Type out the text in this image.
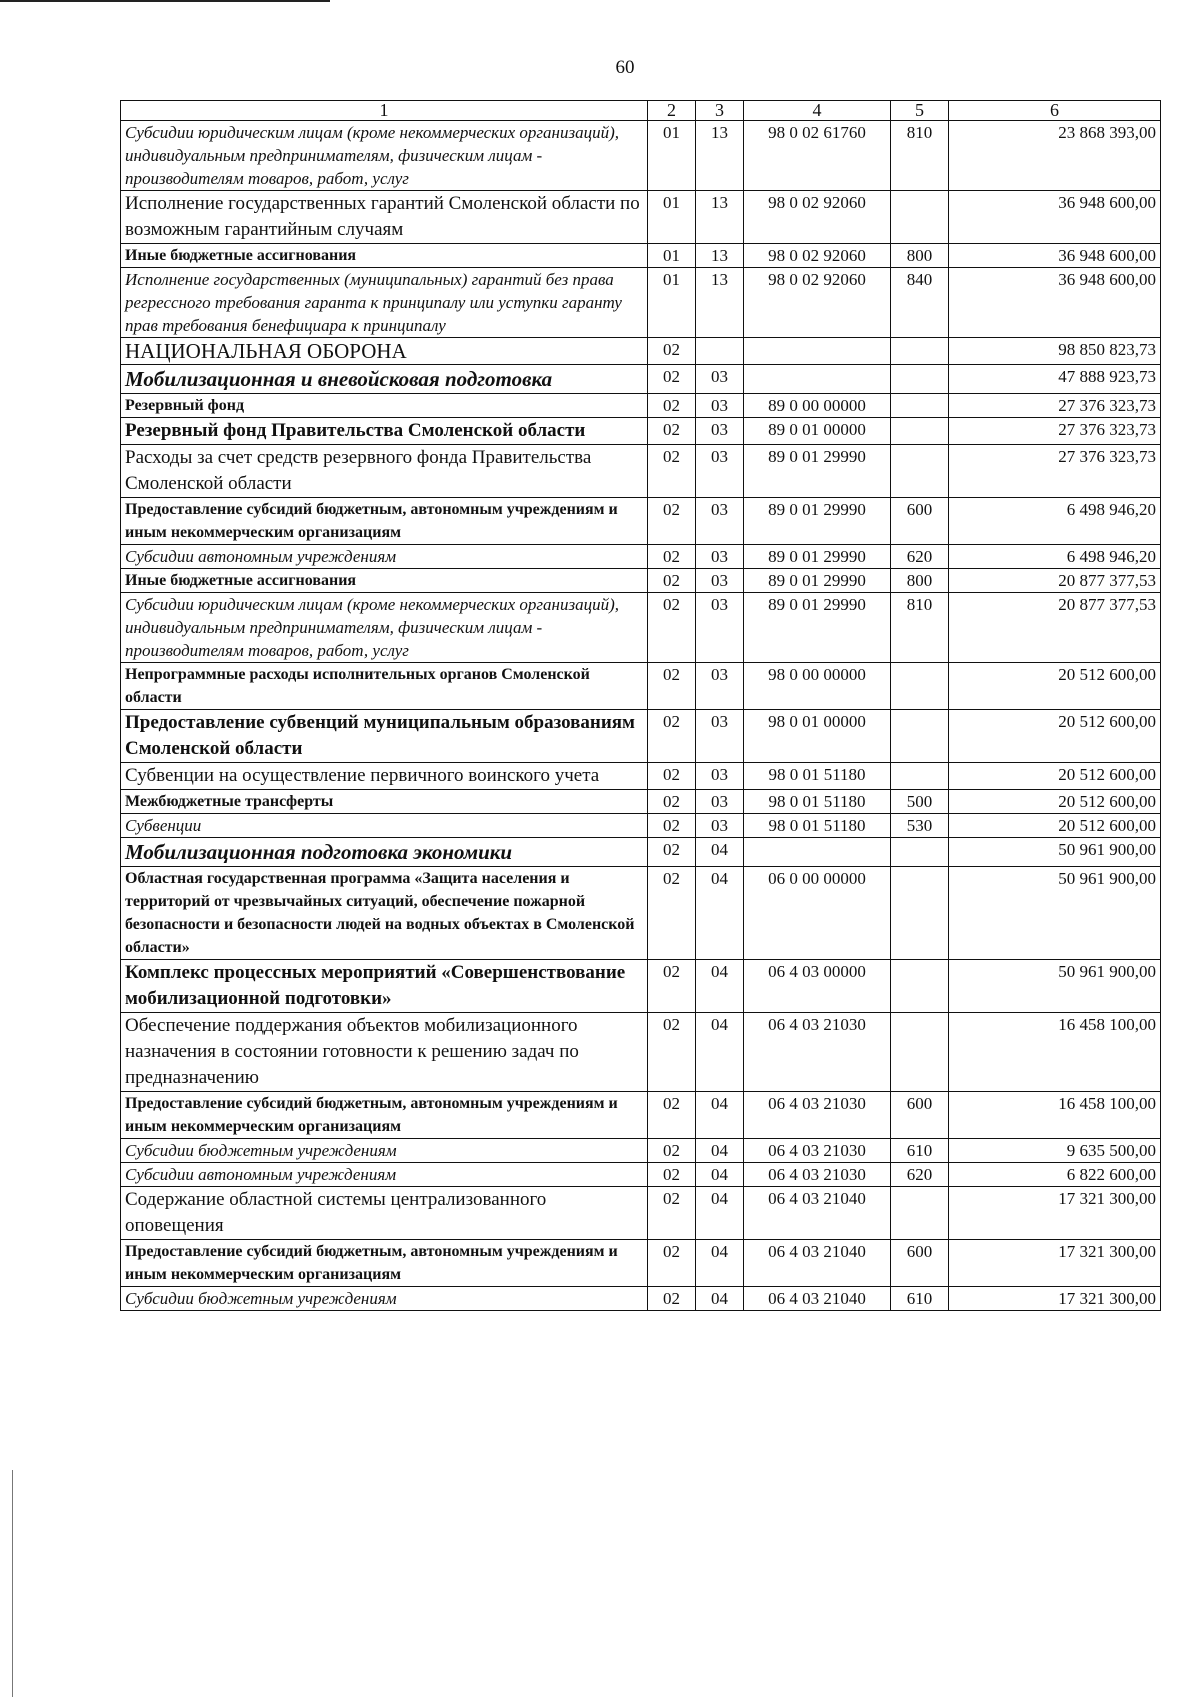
60
1	2	3	4	5	6
Субсидии юридическим лицам (кроме некоммерческих организаций), индивидуальным предпринимателям, физическим лицам - производителям товаров, работ, услуг	01	13	98 0 02 61760	810	23 868 393,00
Исполнение государственных гарантий Смоленской области по возможным гарантийным случаям	01	13	98 0 02 92060		36 948 600,00
Иные бюджетные ассигнования	01	13	98 0 02 92060	800	36 948 600,00
Исполнение государственных (муниципальных) гарантий без права регрессного требования гаранта к принципалу или уступки гаранту прав требования бенефициара к принципалу	01	13	98 0 02 92060	840	36 948 600,00
НАЦИОНАЛЬНАЯ ОБОРОНА	02				98 850 823,73
Мобилизационная и вневойсковая подготовка	02	03			47 888 923,73
Резервный фонд	02	03	89 0 00 00000		27 376 323,73
Резервный фонд Правительства Смоленской области	02	03	89 0 01 00000		27 376 323,73
Расходы за счет средств резервного фонда Правительства Смоленской области	02	03	89 0 01 29990		27 376 323,73
Предоставление субсидий бюджетным, автономным учреждениям и иным некоммерческим организациям	02	03	89 0 01 29990	600	6 498 946,20
Субсидии автономным учреждениям	02	03	89 0 01 29990	620	6 498 946,20
Иные бюджетные ассигнования	02	03	89 0 01 29990	800	20 877 377,53
Субсидии юридическим лицам (кроме некоммерческих организаций), индивидуальным предпринимателям, физическим лицам - производителям товаров, работ, услуг	02	03	89 0 01 29990	810	20 877 377,53
Непрограммные расходы исполнительных органов Смоленской области	02	03	98 0 00 00000		20 512 600,00
Предоставление субвенций муниципальным образованиям Смоленской области	02	03	98 0 01 00000		20 512 600,00
Субвенции на осуществление первичного воинского учета	02	03	98 0 01 51180		20 512 600,00
Межбюджетные трансферты	02	03	98 0 01 51180	500	20 512 600,00
Субвенции	02	03	98 0 01 51180	530	20 512 600,00
Мобилизационная подготовка экономики	02	04			50 961 900,00
Областная государственная программа «Защита населения и территорий от чрезвычайных ситуаций, обеспечение пожарной безопасности и безопасности людей на водных объектах в Смоленской области»	02	04	06 0 00 00000		50 961 900,00
Комплекс процессных мероприятий «Совершенствование мобилизационной подготовки»	02	04	06 4 03 00000		50 961 900,00
Обеспечение поддержания объектов мобилизационного назначения в состоянии готовности к решению задач по предназначению	02	04	06 4 03 21030		16 458 100,00
Предоставление субсидий бюджетным, автономным учреждениям и иным некоммерческим организациям	02	04	06 4 03 21030	600	16 458 100,00
Субсидии бюджетным учреждениям	02	04	06 4 03 21030	610	9 635 500,00
Субсидии автономным учреждениям	02	04	06 4 03 21030	620	6 822 600,00
Содержание областной системы централизованного оповещения	02	04	06 4 03 21040		17 321 300,00
Предоставление субсидий бюджетным, автономным учреждениям и иным некоммерческим организациям	02	04	06 4 03 21040	600	17 321 300,00
Субсидии бюджетным учреждениям	02	04	06 4 03 21040	610	17 321 300,00
